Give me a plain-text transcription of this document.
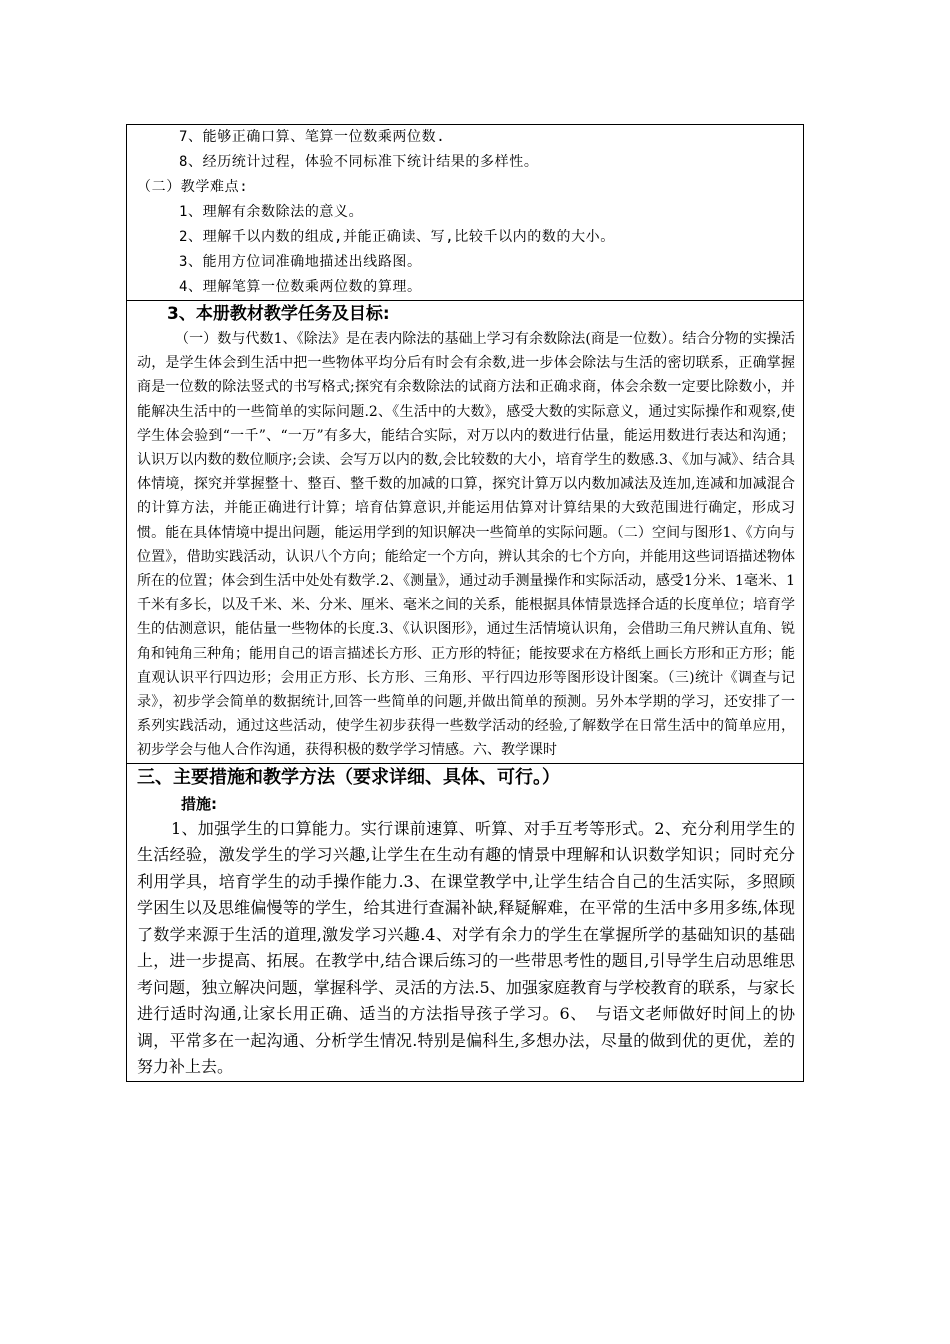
7、能够正确口算、笔算一位数乘两位数.

8、经历统计过程，体验不同标准下统计结果的多样性。

（二）教学难点:

1、理解有余数除法的意义。

2、理解千以内数的组成,并能正确读、写,比较千以内的数的大小。

3、能用方位词准确地描述出线路图。

4、理解笔算一位数乘两位数的算理。

3、本册教材教学任务及目标:

（一）数与代数1、《除法》是在表内除法的基础上学习有余数除法(商是一位数）。结合分物的实操活动，是学生体会到生活中把一些物体平均分后有时会有余数,进一步体会除法与生活的密切联系，正确掌握商是一位数的除法竖式的书写格式;探究有余数除法的试商方法和正确求商，体会余数一定要比除数小，并能解决生活中的一些简单的实际问题.2、《生活中的大数》，感受大数的实际意义，通过实际操作和观察,使学生体会验到“一千”、“一万”有多大，能结合实际，对万以内的数进行估量，能运用数进行表达和沟通；认识万以内数的数位顺序;会读、会写万以内的数,会比较数的大小，培育学生的数感.3、《加与减》、结合具体情境，探究并掌握整十、整百、整千数的加减的口算，探究计算万以内数加减法及连加,连减和加减混合的计算方法，并能正确进行计算；培育估算意识,并能运用估算对计算结果的大致范围进行确定，形成习惯。能在具体情境中提出问题，能运用学到的知识解决一些简单的实际问题。（二）空间与图形1、《方向与位置》，借助实践活动，认识八个方向；能给定一个方向，辨认其余的七个方向，并能用这些词语描述物体所在的位置；体会到生活中处处有数学.2、《测量》，通过动手测量操作和实际活动，感受1分米、1毫米、1千米有多长，以及千米、米、分米、厘米、毫米之间的关系，能根据具体情景选择合适的长度单位；培育学生的估测意识，能估量一些物体的长度.3、《认识图形》，通过生活情境认识角，会借助三角尺辨认直角、锐角和钝角三种角；能用自己的语言描述长方形、正方形的特征；能按要求在方格纸上画长方形和正方形；能直观认识平行四边形；会用正方形、长方形、三角形、平行四边形等图形设计图案。（三)统计《调查与记录》，初步学会简单的数据统计,回答一些简单的问题,并做出简单的预测。另外本学期的学习，还安排了一系列实践活动，通过这些活动，使学生初步获得一些数学活动的经验,了解数学在日常生活中的简单应用，初步学会与他人合作沟通，获得积极的数学学习情感。六、教学课时

三、主要措施和教学方法（要求详细、具体、可行。）

措施:

1、加强学生的口算能力。实行课前速算、听算、对手互考等形式。2、充分利用学生的生活经验，激发学生的学习兴趣,让学生在生动有趣的情景中理解和认识数学知识；同时充分利用学具，培育学生的动手操作能力.3、在课堂教学中,让学生结合自己的生活实际，多照顾学困生以及思维偏慢等的学生，给其进行查漏补缺,释疑解难，在平常的生活中多用多练,体现了数学来源于生活的道理,激发学习兴趣.4、对学有余力的学生在掌握所学的基础知识的基础上，进一步提高、拓展。在教学中,结合课后练习的一些带思考性的题目,引导学生启动思维思考问题，独立解决问题，掌握科学、灵活的方法.5、加强家庭教育与学校教育的联系，与家长进行适时沟通,让家长用正确、适当的方法指导孩子学习。6、　与语文老师做好时间上的协调，平常多在一起沟通、分析学生情况.特别是偏科生,多想办法，尽量的做到优的更优，差的努力补上去。
